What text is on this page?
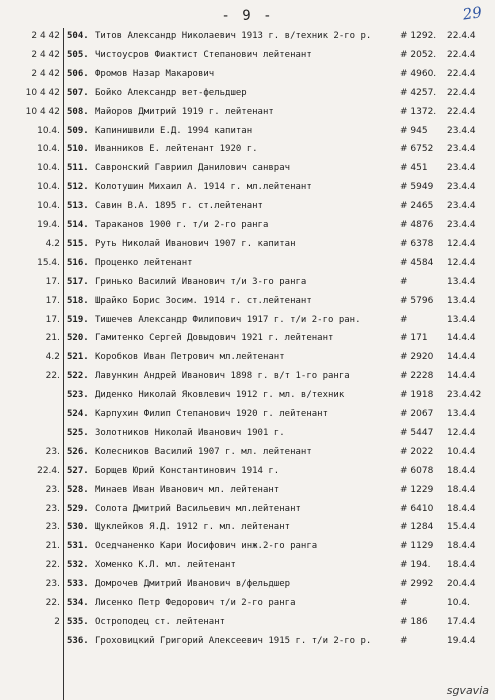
- 9 -	29
2 4 42 504. Титов Александр Николаевич 1913 г. в/техник 2-го р.	# 1292.	22.4.4
2 4 42 505. Чистоусров Фиактист Степанович лейтенант	# 2052.	22.4.4
2 4 42 506. Фромов Назар Макарович	# 4960.	22.4.4
10 4 42 507. Бойко Александр вет-фельдшер	# 4257.	22.4.4
10 4 42 508. Майоров Дмитрий 1919 г. лейтенант	# 1372.	22.4.4
10.4. 509. Капинишвили Е.Д. 1994 капитан	# 945	23.4.4
10.4. 510. Иванников Е. лейтенант 1920 г.	# 6752	23.4.4
10.4. 511. Савронский Гавриил Данилович санврач	# 451	23.4.4
10.4. 512. Колотушин Михаил А. 1914 г. мл.лейтенант	# 5949	23.4.4
10.4. 513. Савин В.А. 1895 г. ст.лейтенант	# 2465	23.4.4
19.4. 514. Тараканов 1900 г. т/и 2-го ранга	# 4876	23.4.4
4.2 515. Руть Николай Иванович 1907 г. капитан	# 6378	12.4.4
15.4. 516. Проценко лейтенант	# 4584	12.4.4
17. 517. Гринько Василий Иванович т/и 3-го ранга	#	13.4.4
17. 518. Шрайко Борис Зосим. 1914 г. ст.лейтенант	# 5796	13.4.4
17. 519. Тишечев Александр Филипович 1917 г. т/и 2-го ран.	#	13.4.4
21. 520. Гамитенко Сергей Довыдович 1921 г. лейтенант	# 171	14.4.4
4.2 521. Коробков Иван Петрович мл.лейтенант	# 2920	14.4.4
22. 522. Лавункин Андрей Иванович 1898 г. в/т 1-го ранга	# 2228	14.4.4
523. Диденко Николай Яковлевич 1912 г. мл. в/техник	# 1918	23.4.42
524. Карпухин Филип Степанович 1920 г. лейтенант	# 2067	13.4.4
525. Золотников Николай Иванович 1901 г.	# 5447	12.4.4
23. 526. Колесников Василий 1907 г. мл. лейтенант	# 2022	10.4.4
22.4. 527. Борщев Юрий Константинович 1914 г.	# 6078	18.4.4
23. 528. Минаев Иван Иванович мл. лейтенант	# 1229	18.4.4
23. 529. Солота Дмитрий Васильевич мл.лейтенант	# 6410	18.4.4
23. 530. Щуклейков Я.Д. 1912 г. мл. лейтенант	# 1284	15.4.4
21. 531. Оседчаненко Кари Иосифович инж.2-го ранга	# 1129	18.4.4
22. 532. Хоменко К.Л. мл. лейтенант	# 194.	18.4.4
23. 533. Домрочев Дмитрий Иванович в/фельдшер	# 2992	20.4.4
22. 534. Лисенко Петр Федорович т/и 2-го ранга	#	10.4.
2 535. Остроподец ст. лейтенант	# 186	17.4.4
536. Гроховицкий Григорий Алексеевич 1915 г. т/и 2-го р.	#	19.4.4
sgvavia
